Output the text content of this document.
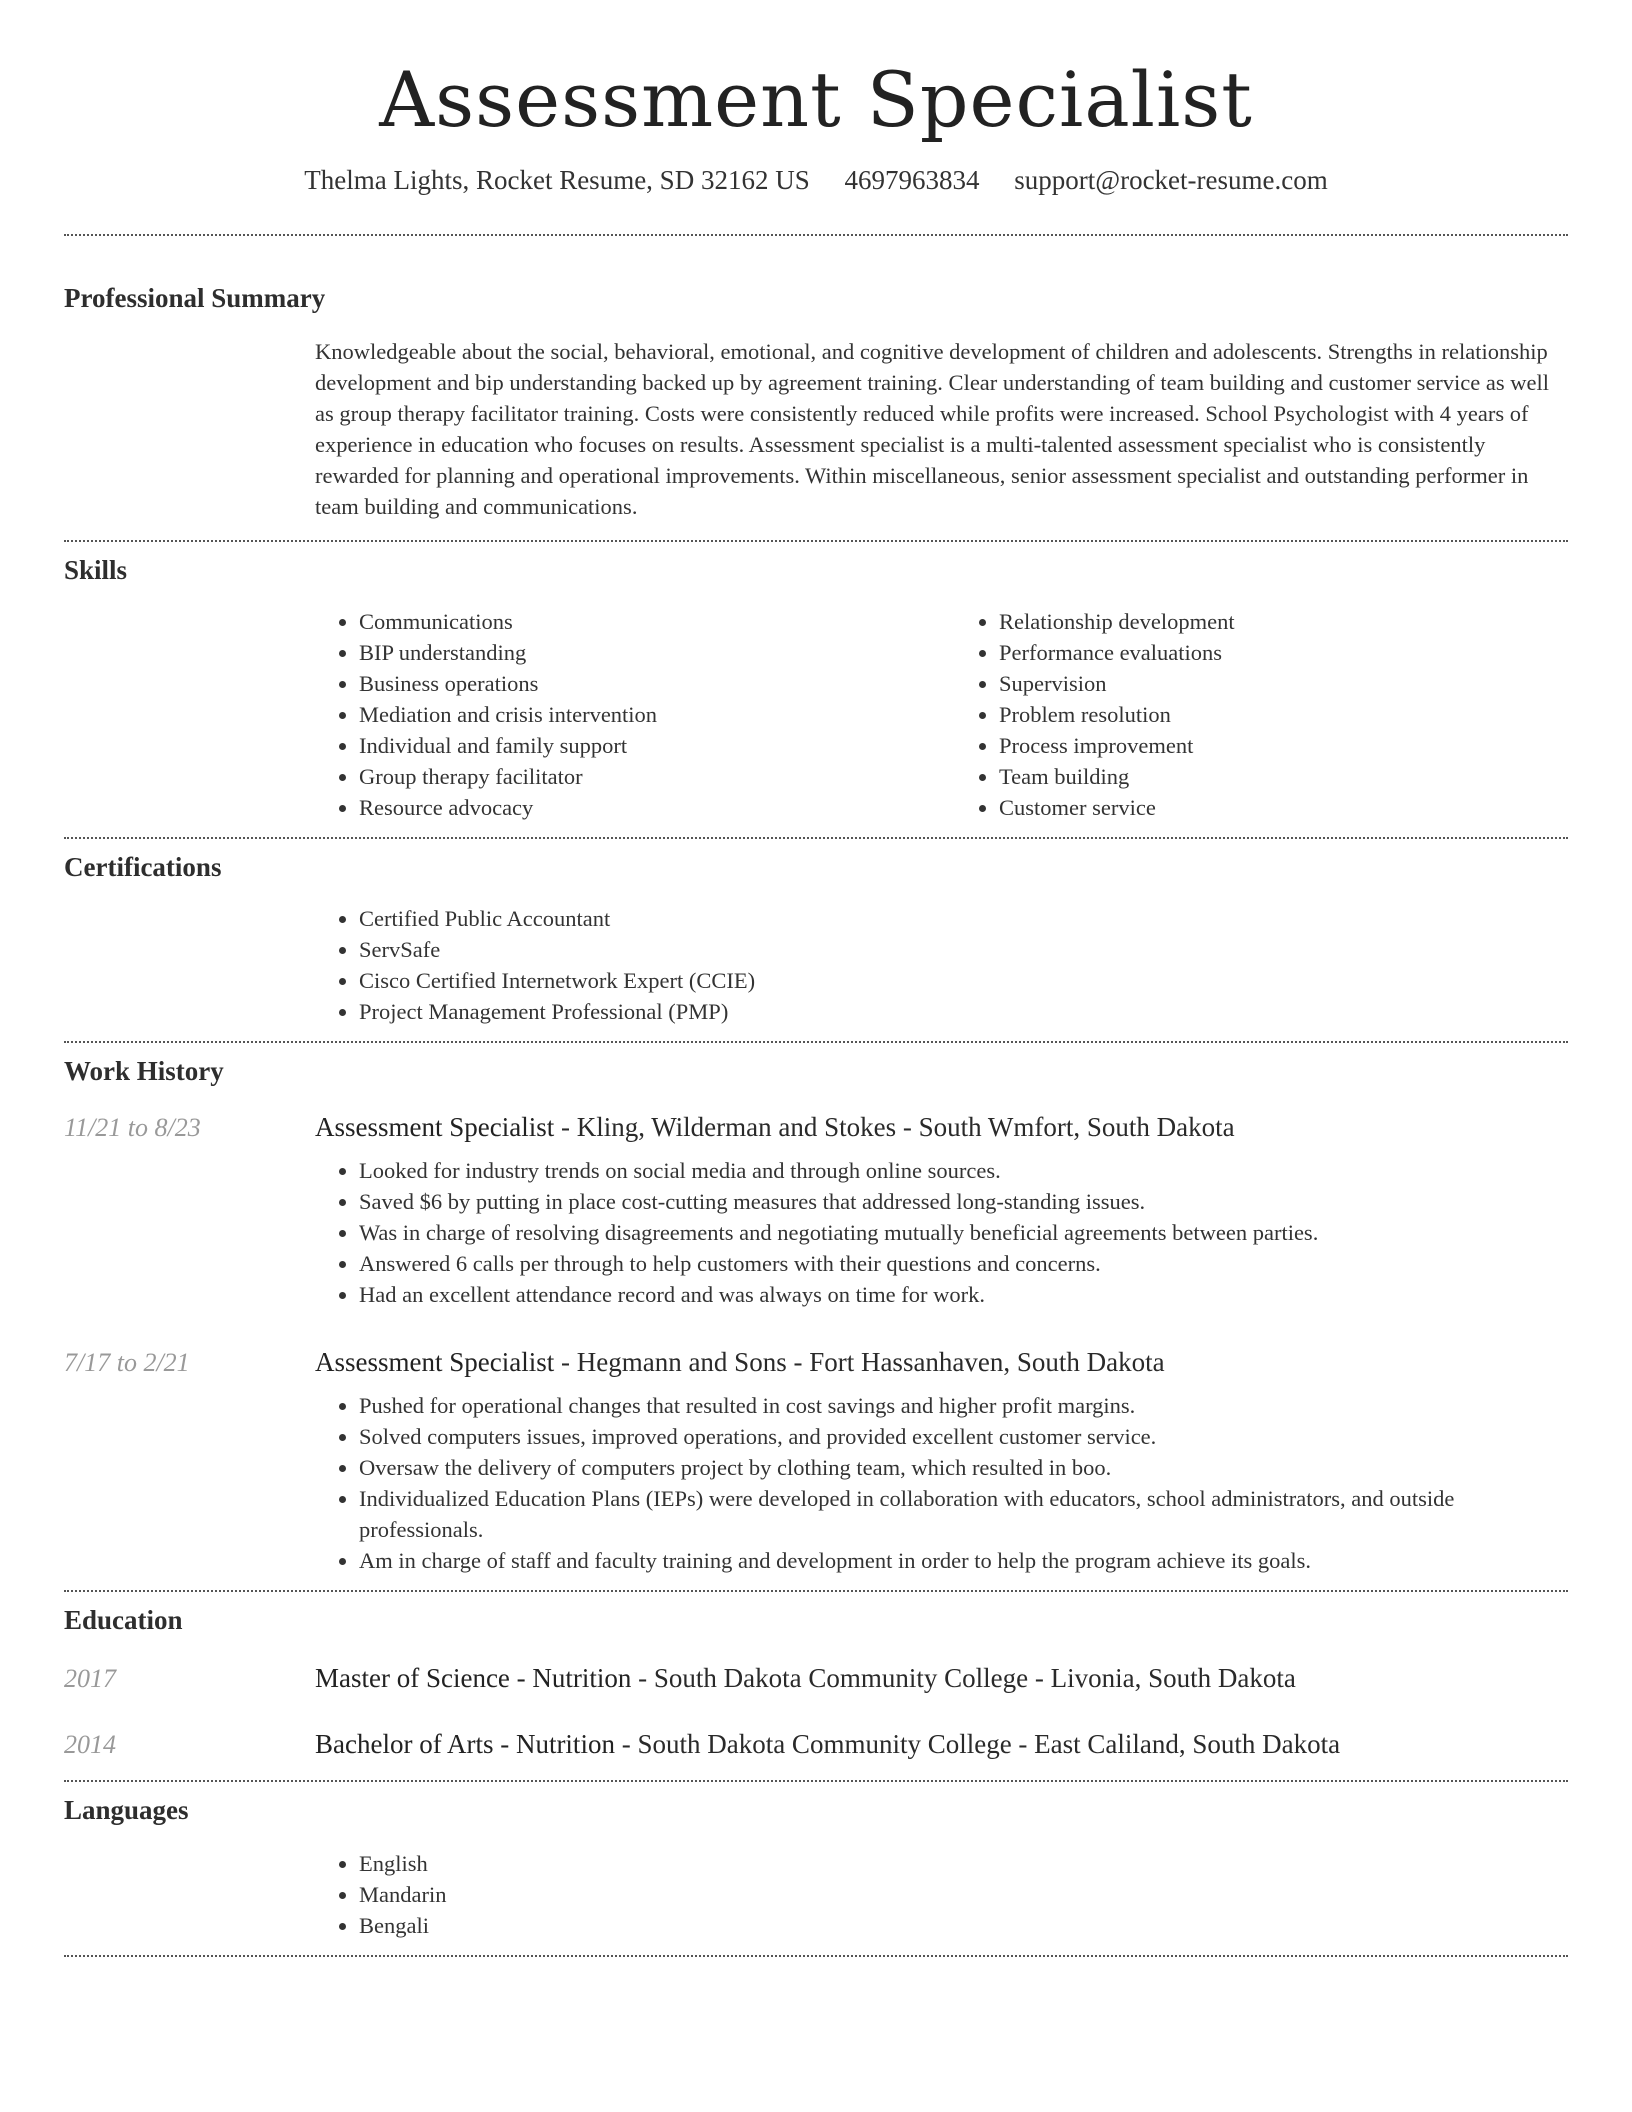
Assessment Specialist
Thelma Lights, Rocket Resume, SD 32162 US 4697963834 support@rocket-resume.com
Professional Summary
Knowledgeable about the social, behavioral, emotional, and cognitive development of children and adolescents. Strengths in relationship development and bip understanding backed up by agreement training. Clear understanding of team building and customer service as well as group therapy facilitator training. Costs were consistently reduced while profits were increased. School Psychologist with 4 years of experience in education who focuses on results. Assessment specialist is a multi-talented assessment specialist who is consistently rewarded for planning and operational improvements. Within miscellaneous, senior assessment specialist and outstanding performer in team building and communications.
Skills
• Communications
• BIP understanding
• Business operations
• Mediation and crisis intervention
• Individual and family support
• Group therapy facilitator
• Resource advocacy
• Relationship development
• Performance evaluations
• Supervision
• Problem resolution
• Process improvement
• Team building
• Customer service
Certifications
• Certified Public Accountant
• ServSafe
• Cisco Certified Internetwork Expert (CCIE)
• Project Management Professional (PMP)
Work History
11/21 to 8/23	Assessment Specialist - Kling, Wilderman and Stokes - South Wmfort, South Dakota
• Looked for industry trends on social media and through online sources.
• Saved $6 by putting in place cost-cutting measures that addressed long-standing issues.
• Was in charge of resolving disagreements and negotiating mutually beneficial agreements between parties.
• Answered 6 calls per through to help customers with their questions and concerns.
• Had an excellent attendance record and was always on time for work.
7/17 to 2/21	Assessment Specialist - Hegmann and Sons - Fort Hassanhaven, South Dakota
• Pushed for operational changes that resulted in cost savings and higher profit margins.
• Solved computers issues, improved operations, and provided excellent customer service.
• Oversaw the delivery of computers project by clothing team, which resulted in boo.
• Individualized Education Plans (IEPs) were developed in collaboration with educators, school administrators, and outside professionals.
• Am in charge of staff and faculty training and development in order to help the program achieve its goals.
Education
2017	Master of Science - Nutrition - South Dakota Community College - Livonia, South Dakota
2014	Bachelor of Arts - Nutrition - South Dakota Community College - East Caliland, South Dakota
Languages
• English
• Mandarin
• Bengali
